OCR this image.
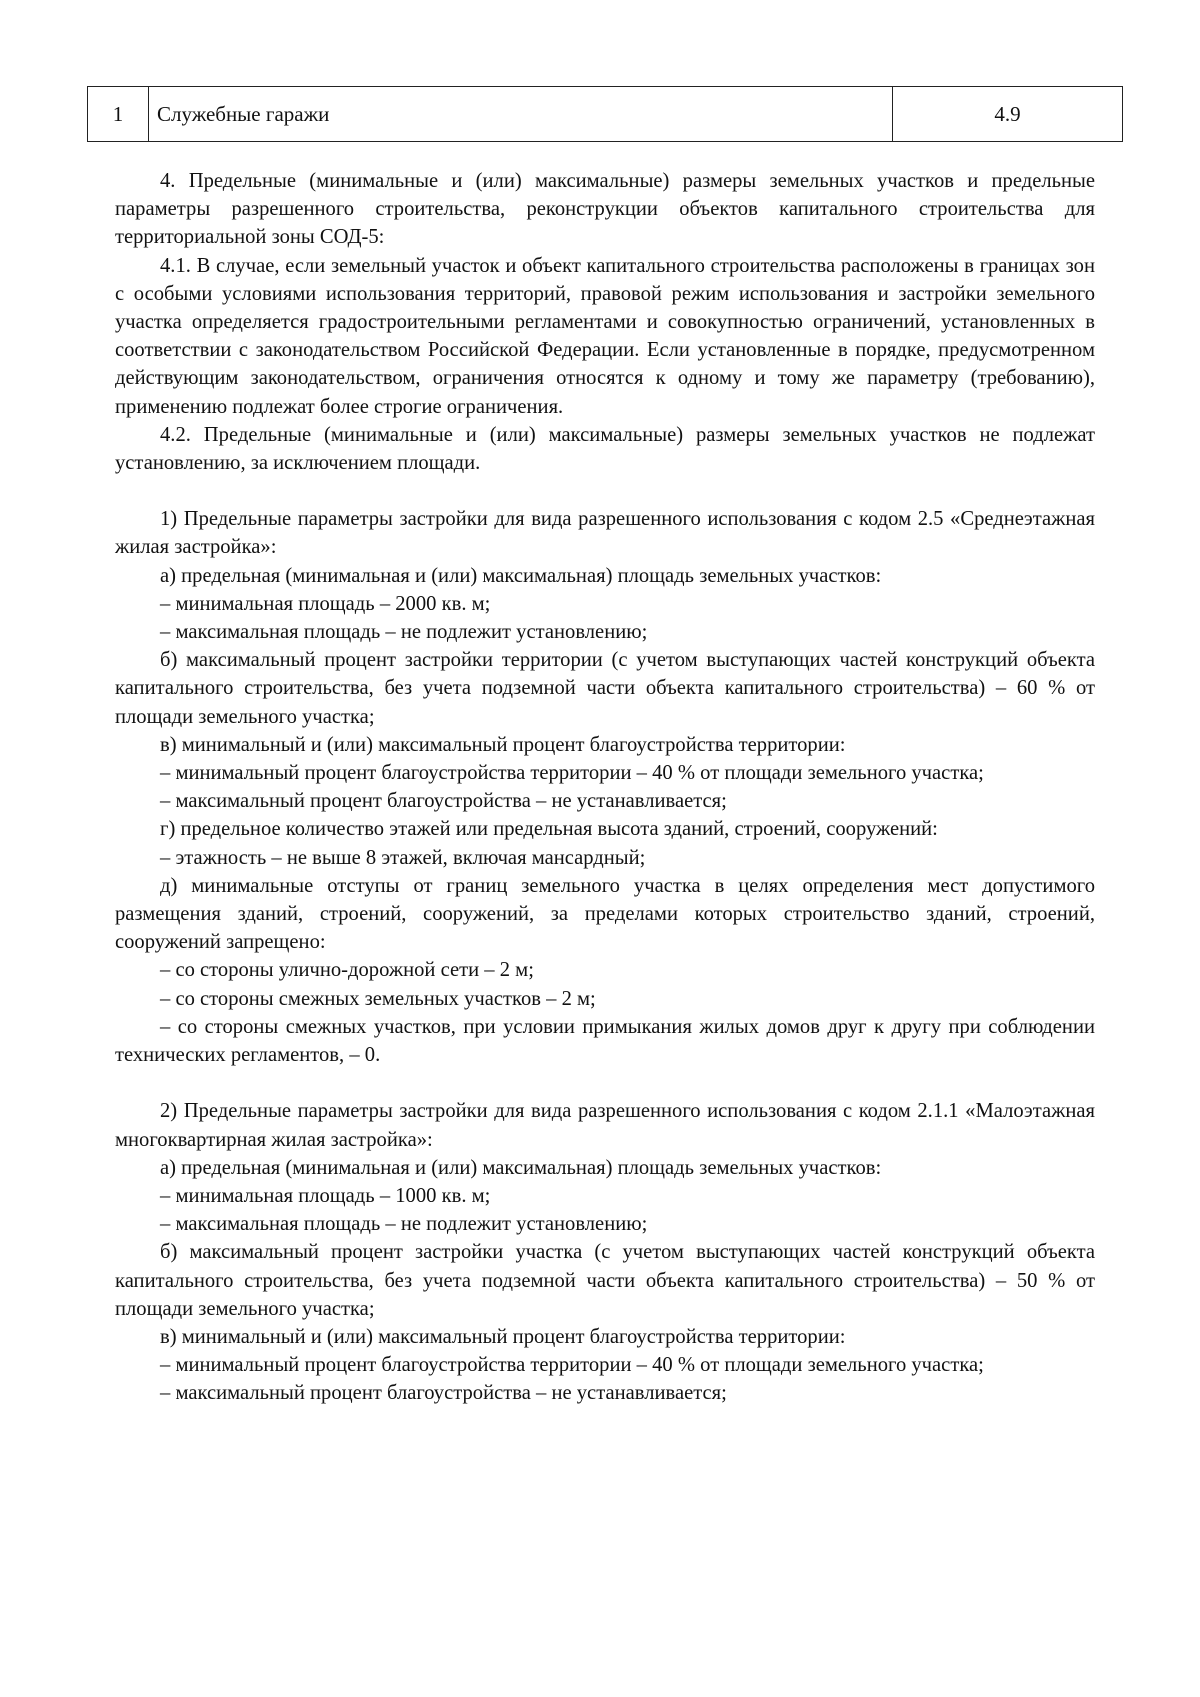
1	Служебные гаражи	4.9

4. Предельные (минимальные и (или) максимальные) размеры земельных участков и предельные параметры разрешенного строительства, реконструкции объектов капитального строительства для территориальной зоны СОД-5:

4.1. В случае, если земельный участок и объект капитального строительства расположены в границах зон с особыми условиями использования территорий, правовой режим использования и застройки земельного участка определяется градостроительными регламентами и совокупностью ограничений, установленных в соответствии с законодательством Российской Федерации. Если установленные в порядке, предусмотренном действующим законодательством, ограничения относятся к одному и тому же параметру (требованию), применению подлежат более строгие ограничения.

4.2. Предельные (минимальные и (или) максимальные) размеры земельных участков не подлежат установлению, за исключением площади.

1) Предельные параметры застройки для вида разрешенного использования с кодом 2.5 «Среднеэтажная жилая застройка»:

а) предельная (минимальная и (или) максимальная) площадь земельных участков:

– минимальная площадь – 2000 кв. м;

– максимальная площадь – не подлежит установлению;

б) максимальный процент застройки территории (с учетом выступающих частей конструкций объекта капитального строительства, без учета подземной части объекта капитального строительства) – 60 % от площади земельного участка;

в) минимальный и (или) максимальный процент благоустройства территории:

– минимальный процент благоустройства территории – 40 % от площади земельного участка;

– максимальный процент благоустройства – не устанавливается;

г) предельное количество этажей или предельная высота зданий, строений, сооружений:

– этажность – не выше 8 этажей, включая мансардный;

д) минимальные отступы от границ земельного участка в целях определения мест допустимого размещения зданий, строений, сооружений, за пределами которых строительство зданий, строений, сооружений запрещено:

– со стороны улично-дорожной сети – 2 м;

– со стороны смежных земельных участков – 2 м;

– со стороны смежных участков, при условии примыкания жилых домов друг к другу при соблюдении технических регламентов, – 0.

2) Предельные параметры застройки для вида разрешенного использования с кодом 2.1.1 «Малоэтажная многоквартирная жилая застройка»:

а) предельная (минимальная и (или) максимальная) площадь земельных участков:

– минимальная площадь – 1000 кв. м;

– максимальная площадь – не подлежит установлению;

б) максимальный процент застройки участка (с учетом выступающих частей конструкций объекта капитального строительства, без учета подземной части объекта капитального строительства) – 50 % от площади земельного участка;

в) минимальный и (или) максимальный процент благоустройства территории:

– минимальный процент благоустройства территории – 40 % от площади земельного участка;

– максимальный процент благоустройства – не устанавливается;
